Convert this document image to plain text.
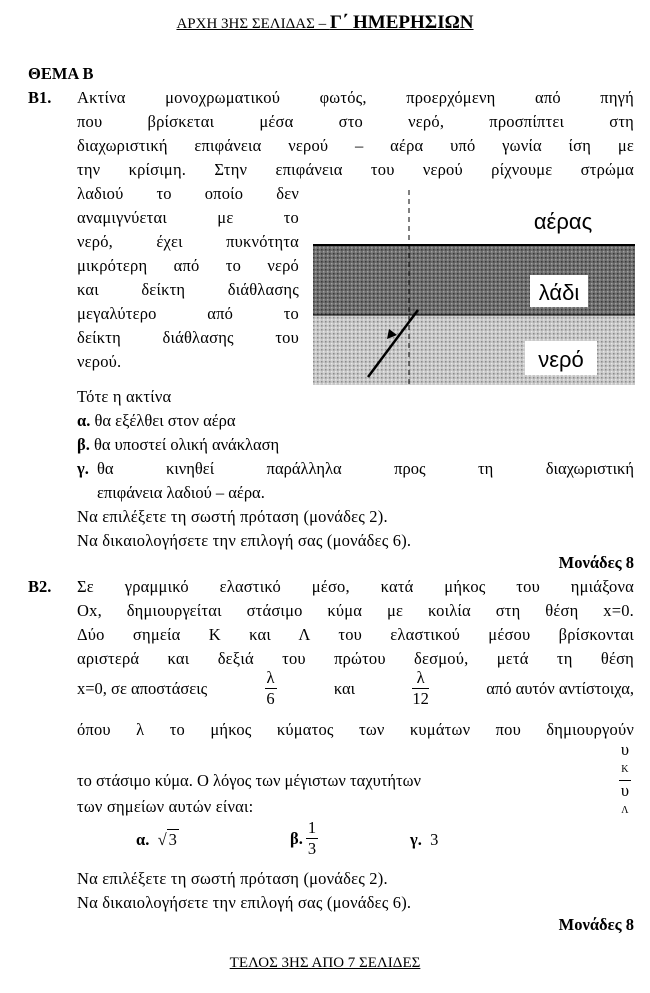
ΑΡΧΗ 3ΗΣ ΣΕΛΙΔΑΣ – Γ΄ ΗΜΕΡΗΣΙΩΝ
ΘΕΜΑ Β
Β1. Ακτίνα μονοχρωματικού φωτός, προερχόμενη από πηγή
που βρίσκεται μέσα στο νερό, προσπίπτει στη
διαχωριστική επιφάνεια νερού – αέρα υπό γωνία ίση με
την κρίσιμη. Στην επιφάνεια του νερού ρίχνουμε στρώμα
λαδιού το οποίο δεν
αναμιγνύεται με το
νερό, έχει πυκνότητα
μικρότερη από το νερό
και δείκτη διάθλασης
μεγαλύτερο από το
δείκτη διάθλασης του
νερού.
αέρας
λάδι
νερό
Τότε η ακτίνα
α. θα εξέλθει στον αέρα
β. θα υποστεί ολική ανάκλαση
γ. θα κινηθεί παράλληλα προς τη διαχωριστική
επιφάνεια λαδιού – αέρα.
Να επιλέξετε τη σωστή πρόταση (μονάδες 2).
Να δικαιολογήσετε την επιλογή σας (μονάδες 6).
Μονάδες 8
Β2. Σε γραμμικό ελαστικό μέσο, κατά μήκος του ημιάξονα
Ox, δημιουργείται στάσιμο κύμα με κοιλία στη θέση x=0.
Δύο σημεία Κ και Λ του ελαστικού μέσου βρίσκονται
αριστερά και δεξιά του πρώτου δεσμού, μετά τη θέση
x=0, σε αποστάσεις	$\frac{\lambda}{6}$	και	$\frac{\lambda}{12}$	από αυτόν αντίστοιχα,
όπου λ το μήκος κύματος των κυμάτων που δημιουργούν
το στάσιμο κύμα. Ο λόγος των μέγιστων ταχυτήτων	υ
Κ
υ
Λ
των σημείων αυτών είναι:
α. √ 3	β. $\frac{1}{3}$	γ. 3
Να επιλέξετε τη σωστή πρόταση (μονάδες 2).
Να δικαιολογήσετε την επιλογή σας (μονάδες 6).
Μονάδες 8
ΤΕΛΟΣ 3ΗΣ ΑΠΟ 7 ΣΕΛΙΔΕΣ
